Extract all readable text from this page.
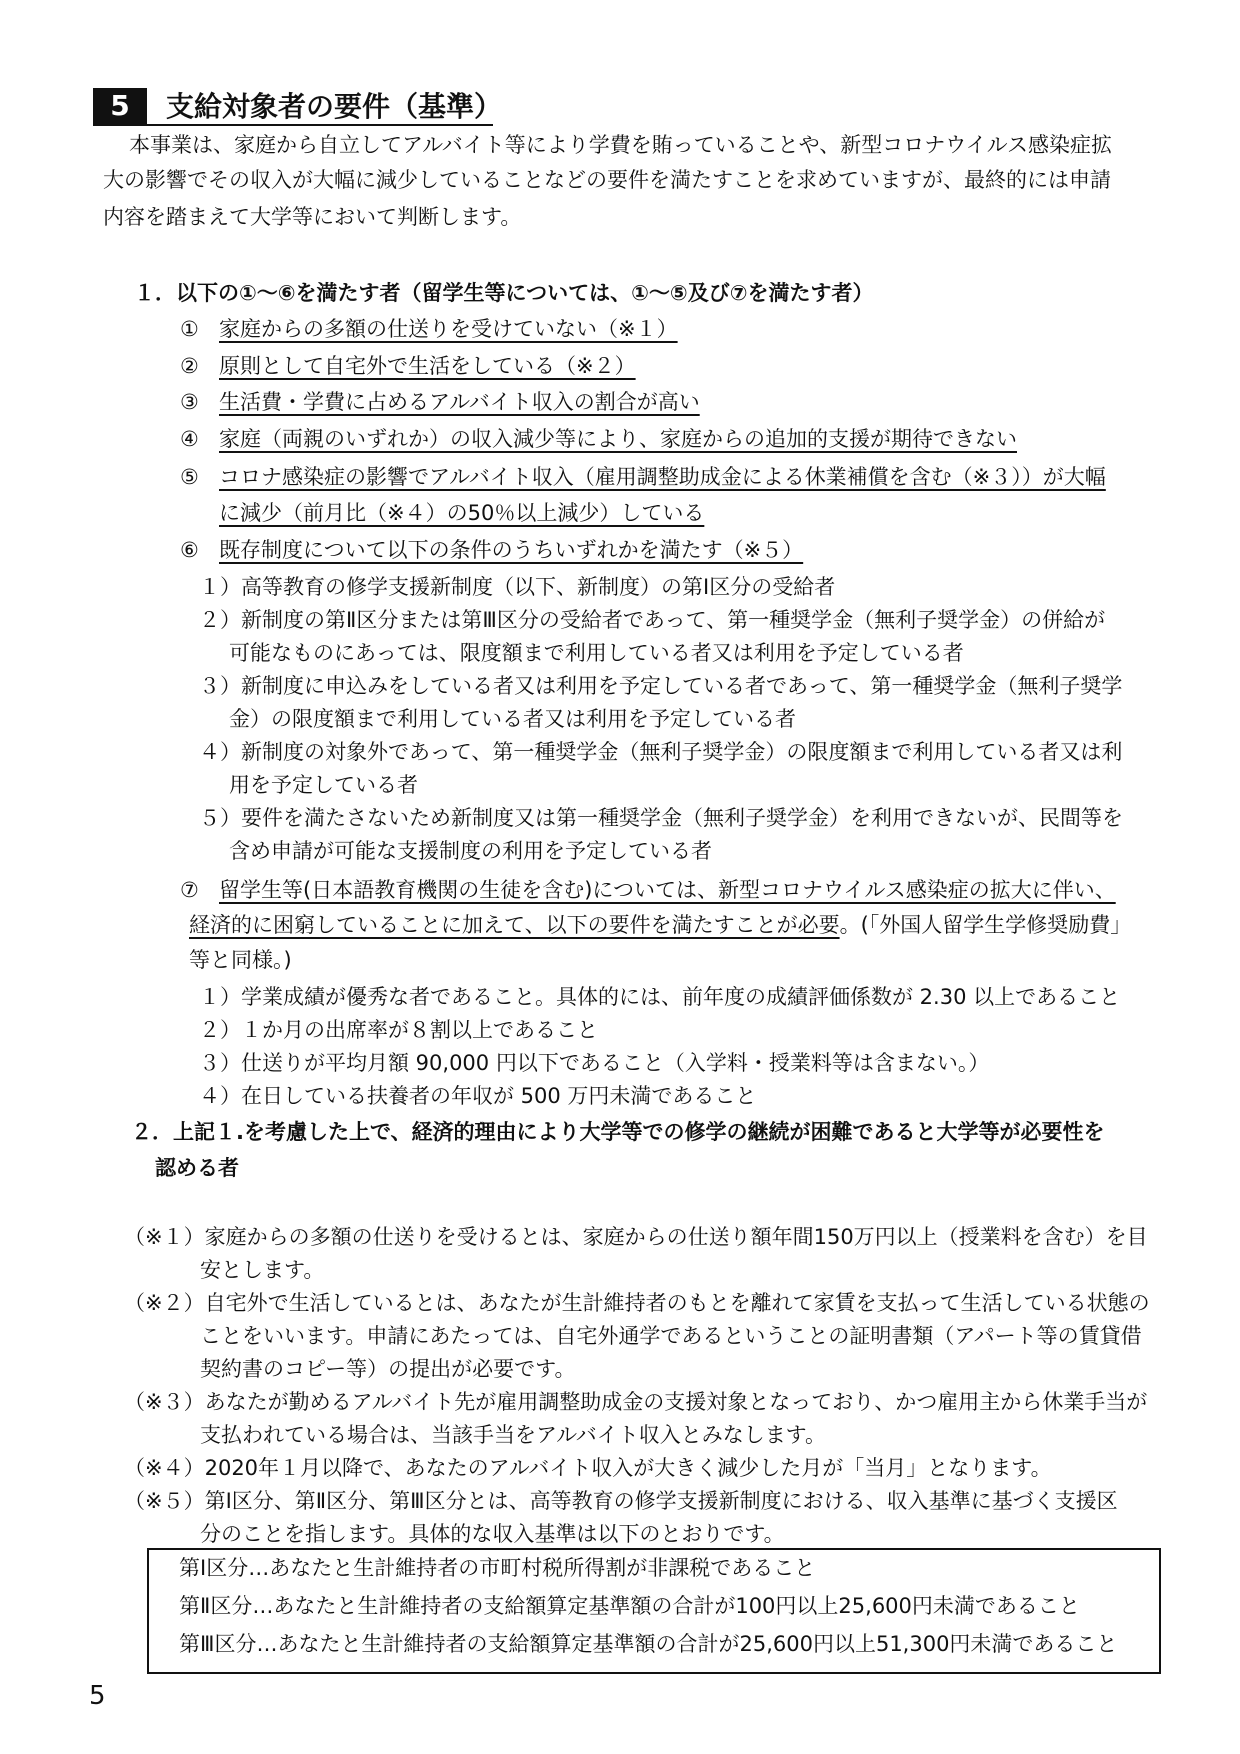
5	支給対象者の要件（基準）
本事業は、家庭から自立してアルバイト等により学費を賄っていることや、新型コロナウイルス感染症拡
大の影響でその収入が大幅に減少していることなどの要件を満たすことを求めていますが、最終的には申請
内容を踏まえて大学等において判断します。
１．以下の①～⑥を満たす者（留学生等については、①～⑤及び⑦を満たす者）
① 家庭からの多額の仕送りを受けていない（※１）
② 原則として自宅外で生活をしている（※２）
③ 生活費・学費に占めるアルバイト収入の割合が高い
④ 家庭（両親のいずれか）の収入減少等により、家庭からの追加的支援が期待できない
⑤ コロナ感染症の影響でアルバイト収入（雇用調整助成金による休業補償を含む（※３））が大幅
に減少（前月比（※４）の50％以上減少）している
⑥ 既存制度について以下の条件のうちいずれかを満たす（※５）
１）高等教育の修学支援新制度（以下、新制度）の第Ⅰ区分の受給者
２）新制度の第Ⅱ区分または第Ⅲ区分の受給者であって、第一種奨学金（無利子奨学金）の併給が
可能なものにあっては、限度額まで利用している者又は利用を予定している者
３）新制度に申込みをしている者又は利用を予定している者であって、第一種奨学金（無利子奨学
金）の限度額まで利用している者又は利用を予定している者
４）新制度の対象外であって、第一種奨学金（無利子奨学金）の限度額まで利用している者又は利
用を予定している者
５）要件を満たさないため新制度又は第一種奨学金（無利子奨学金）を利用できないが、民間等を
含め申請が可能な支援制度の利用を予定している者
⑦ 留学生等(日本語教育機関の生徒を含む)については、新型コロナウイルス感染症の拡大に伴い、
経済的に困窮していることに加えて、以下の要件を満たすことが必要。(「外国人留学生学修奨励費」
等と同様。)
１）学業成績が優秀な者であること。具体的には、前年度の成績評価係数が 2.30 以上であること
２）１か月の出席率が８割以上であること
３）仕送りが平均月額 90,000 円以下であること（入学料・授業料等は含まない。）
４）在日している扶養者の年収が 500 万円未満であること
２．上記１.を考慮した上で、経済的理由により大学等での修学の継続が困難であると大学等が必要性を
認める者
（※１）家庭からの多額の仕送りを受けるとは、家庭からの仕送り額年間150万円以上（授業料を含む）を目
安とします。
（※２）自宅外で生活しているとは、あなたが生計維持者のもとを離れて家賃を支払って生活している状態の
ことをいいます。申請にあたっては、自宅外通学であるということの証明書類（アパート等の賃貸借
契約書のコピー等）の提出が必要です。
（※３）あなたが勤めるアルバイト先が雇用調整助成金の支援対象となっており、かつ雇用主から休業手当が
支払われている場合は、当該手当をアルバイト収入とみなします。
（※４）2020年１月以降で、あなたのアルバイト収入が大きく減少した月が「当月」となります。
（※５）第Ⅰ区分、第Ⅱ区分、第Ⅲ区分とは、高等教育の修学支援新制度における、収入基準に基づく支援区
分のことを指します。具体的な収入基準は以下のとおりです。
第Ⅰ区分…あなたと生計維持者の市町村税所得割が非課税であること
第Ⅱ区分…あなたと生計維持者の支給額算定基準額の合計が100円以上25,600円未満であること
第Ⅲ区分…あなたと生計維持者の支給額算定基準額の合計が25,600円以上51,300円未満であること
5
